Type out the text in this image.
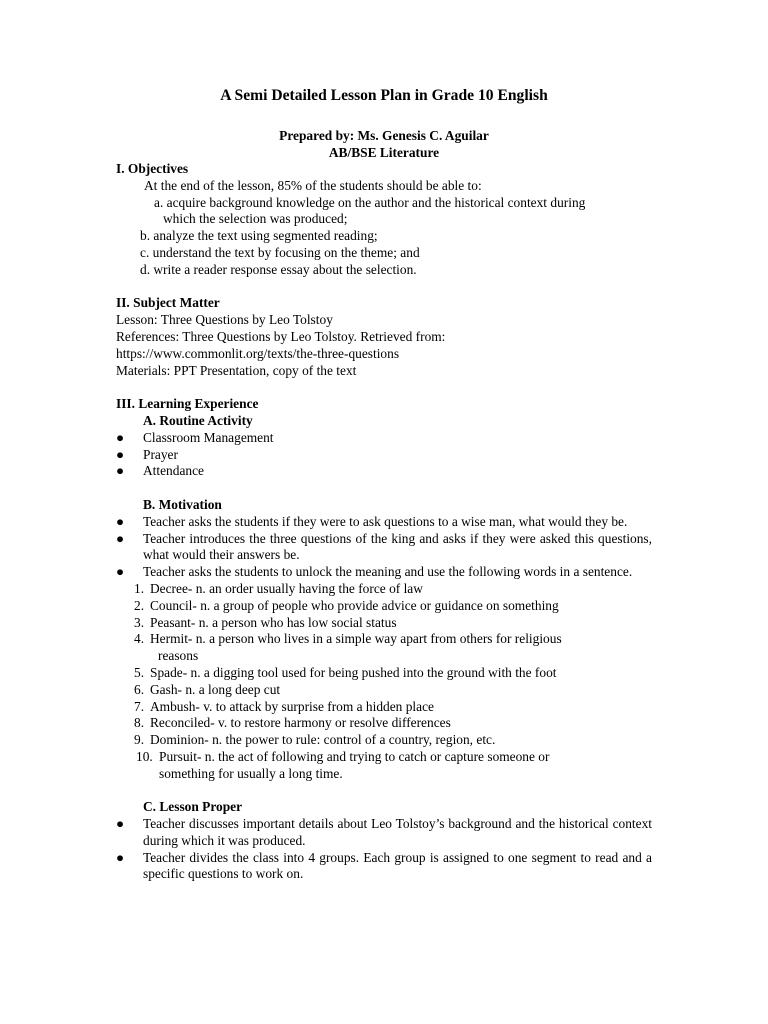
A Semi Detailed Lesson Plan in Grade 10 English
Prepared by: Ms. Genesis C. Aguilar
AB/BSE Literature
I. Objectives
At the end of the lesson, 85% of the students should be able to:
a. acquire background knowledge on the author and the historical context during
which the selection was produced;
b. analyze the text using segmented reading;
c. understand the text by focusing on the theme; and
d. write a reader response essay about the selection.
II. Subject Matter
Lesson: Three Questions by Leo Tolstoy
References: Three Questions by Leo Tolstoy. Retrieved from:
https://www.commonlit.org/texts/the-three-questions
Materials: PPT Presentation, copy of the text
III. Learning Experience
A. Routine Activity
● Classroom Management
● Prayer
● Attendance
B. Motivation
● Teacher asks the students if they were to ask questions to a wise man, what would they be.
● Teacher introduces the three questions of the king and asks if they were asked this questions, what would their answers be.
● Teacher asks the students to unlock the meaning and use the following words in a sentence.
1. Decree- n. an order usually having the force of law
2. Council- n. a group of people who provide advice or guidance on something
3. Peasant- n. a person who has low social status
4. Hermit- n. a person who lives in a simple way apart from others for religious
reasons
5. Spade- n. a digging tool used for being pushed into the ground with the foot
6. Gash- n. a long deep cut
7. Ambush- v. to attack by surprise from a hidden place
8. Reconciled- v. to restore harmony or resolve differences
9. Dominion- n. the power to rule: control of a country, region, etc.
10. Pursuit- n. the act of following and trying to catch or capture someone or
something for usually a long time.
C. Lesson Proper
● Teacher discusses important details about Leo Tolstoy’s background and the historical context during which it was produced.
● Teacher divides the class into 4 groups. Each group is assigned to one segment to read and a specific questions to work on.
